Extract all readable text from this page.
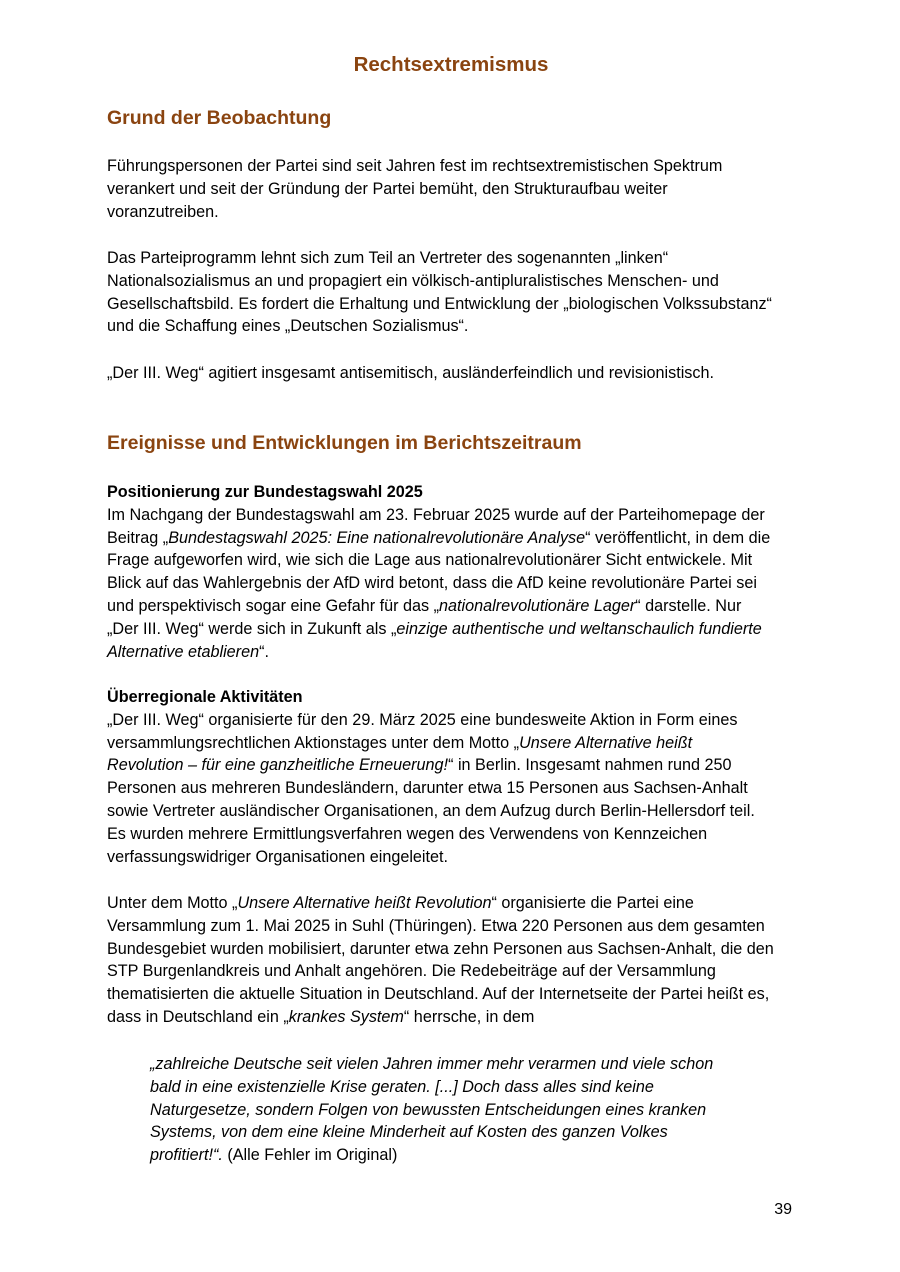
Rechtsextremismus
Grund der Beobachtung

Führungspersonen der Partei sind seit Jahren fest im rechtsextremistischen Spektrum
verankert und seit der Gründung der Partei bemüht, den Strukturaufbau weiter
voranzutreiben.

Das Parteiprogramm lehnt sich zum Teil an Vertreter des sogenannten „linken“
Nationalsozialismus an und propagiert ein völkisch-antipluralistisches Menschen- und
Gesellschaftsbild. Es fordert die Erhaltung und Entwicklung der „biologischen Volkssubstanz“
und die Schaffung eines „Deutschen Sozialismus“.

„Der III. Weg“ agitiert insgesamt antisemitisch, ausländerfeindlich und revisionistisch.

Ereignisse und Entwicklungen im Berichtszeitraum

Positionierung zur Bundestagswahl 2025
Im Nachgang der Bundestagswahl am 23. Februar 2025 wurde auf der Parteihomepage der
Beitrag „Bundestagswahl 2025: Eine nationalrevolutionäre Analyse“ veröffentlicht, in dem die
Frage aufgeworfen wird, wie sich die Lage aus nationalrevolutionärer Sicht entwickele. Mit
Blick auf das Wahlergebnis der AfD wird betont, dass die AfD keine revolutionäre Partei sei
und perspektivisch sogar eine Gefahr für das „nationalrevolutionäre Lager“ darstelle. Nur
„Der III. Weg“ werde sich in Zukunft als „einzige authentische und weltanschaulich fundierte
Alternative etablieren“.

Überregionale Aktivitäten
„Der III. Weg“ organisierte für den 29. März 2025 eine bundesweite Aktion in Form eines
versammlungsrechtlichen Aktionstages unter dem Motto „Unsere Alternative heißt
Revolution – für eine ganzheitliche Erneuerung!“ in Berlin. Insgesamt nahmen rund 250
Personen aus mehreren Bundesländern, darunter etwa 15 Personen aus Sachsen-Anhalt
sowie Vertreter ausländischer Organisationen, an dem Aufzug durch Berlin-Hellersdorf teil.
Es wurden mehrere Ermittlungsverfahren wegen des Verwendens von Kennzeichen
verfassungswidriger Organisationen eingeleitet.

Unter dem Motto „Unsere Alternative heißt Revolution“ organisierte die Partei eine
Versammlung zum 1. Mai 2025 in Suhl (Thüringen). Etwa 220 Personen aus dem gesamten
Bundesgebiet wurden mobilisiert, darunter etwa zehn Personen aus Sachsen-Anhalt, die den
STP Burgenlandkreis und Anhalt angehören. Die Redebeiträge auf der Versammlung
thematisierten die aktuelle Situation in Deutschland. Auf der Internetseite der Partei heißt es,
dass in Deutschland ein „krankes System“ herrsche, in dem

„zahlreiche Deutsche seit vielen Jahren immer mehr verarmen und viele schon
bald in eine existenzielle Krise geraten. [...] Doch dass alles sind keine
Naturgesetze, sondern Folgen von bewussten Entscheidungen eines kranken
Systems, von dem eine kleine Minderheit auf Kosten des ganzen Volkes
profitiert!“. (Alle Fehler im Original)
39
